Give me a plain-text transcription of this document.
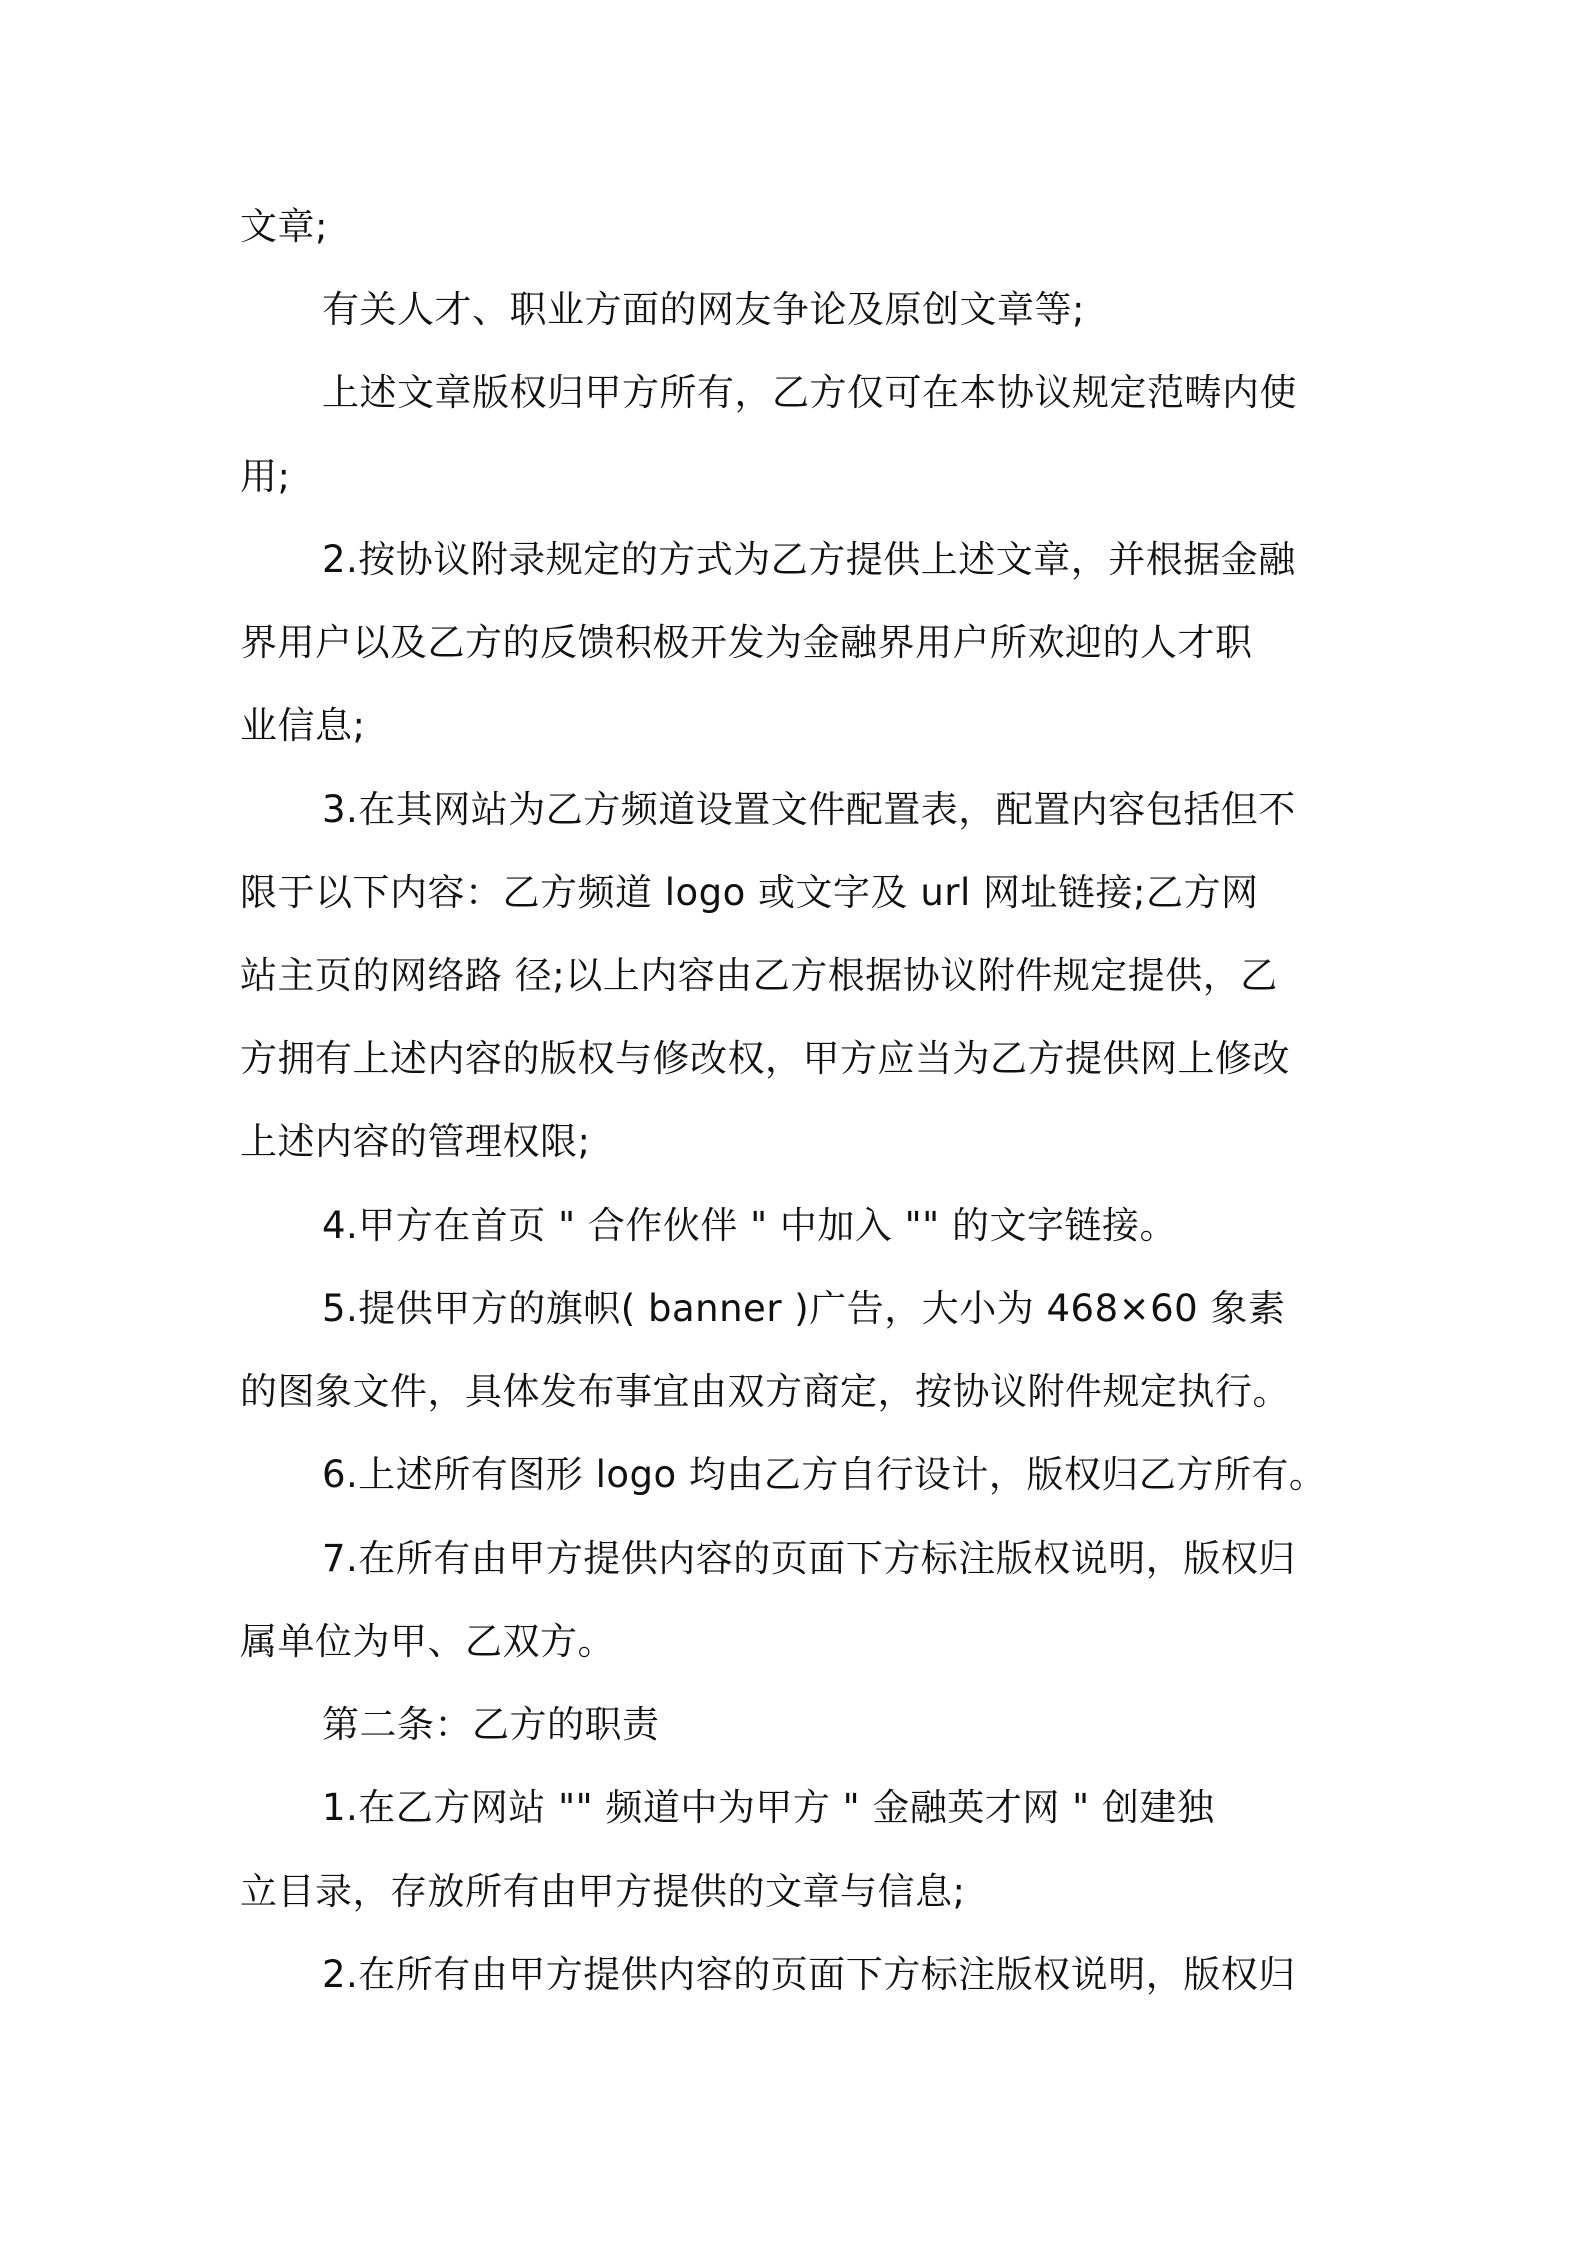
文章;
有关人才、职业方面的网友争论及原创文章等;
上述文章版权归甲方所有，乙方仅可在本协议规定范畴内使
用;
2.按协议附录规定的方式为乙方提供上述文章，并根据金融
界用户以及乙方的反馈积极开发为金融界用户所欢迎的人才职
业信息;
3.在其网站为乙方频道设置文件配置表，配置内容包括但不
限于以下内容：乙方频道 logo 或文字及 url 网址链接;乙方网
站主页的网络路 径;以上内容由乙方根据协议附件规定提供，乙
方拥有上述内容的版权与修改权，甲方应当为乙方提供网上修改
上述内容的管理权限;
4.甲方在首页 " 合作伙伴 " 中加入 "" 的文字链接。
5.提供甲方的旗帜( banner )广告，大小为 468×60 象素
的图象文件，具体发布事宜由双方商定，按协议附件规定执行。
6.上述所有图形 logo 均由乙方自行设计，版权归乙方所有。
7.在所有由甲方提供内容的页面下方标注版权说明，版权归
属单位为甲、乙双方。
第二条：乙方的职责
1.在乙方网站 "" 频道中为甲方 " 金融英才网 " 创建独
立目录，存放所有由甲方提供的文章与信息;
2.在所有由甲方提供内容的页面下方标注版权说明，版权归
